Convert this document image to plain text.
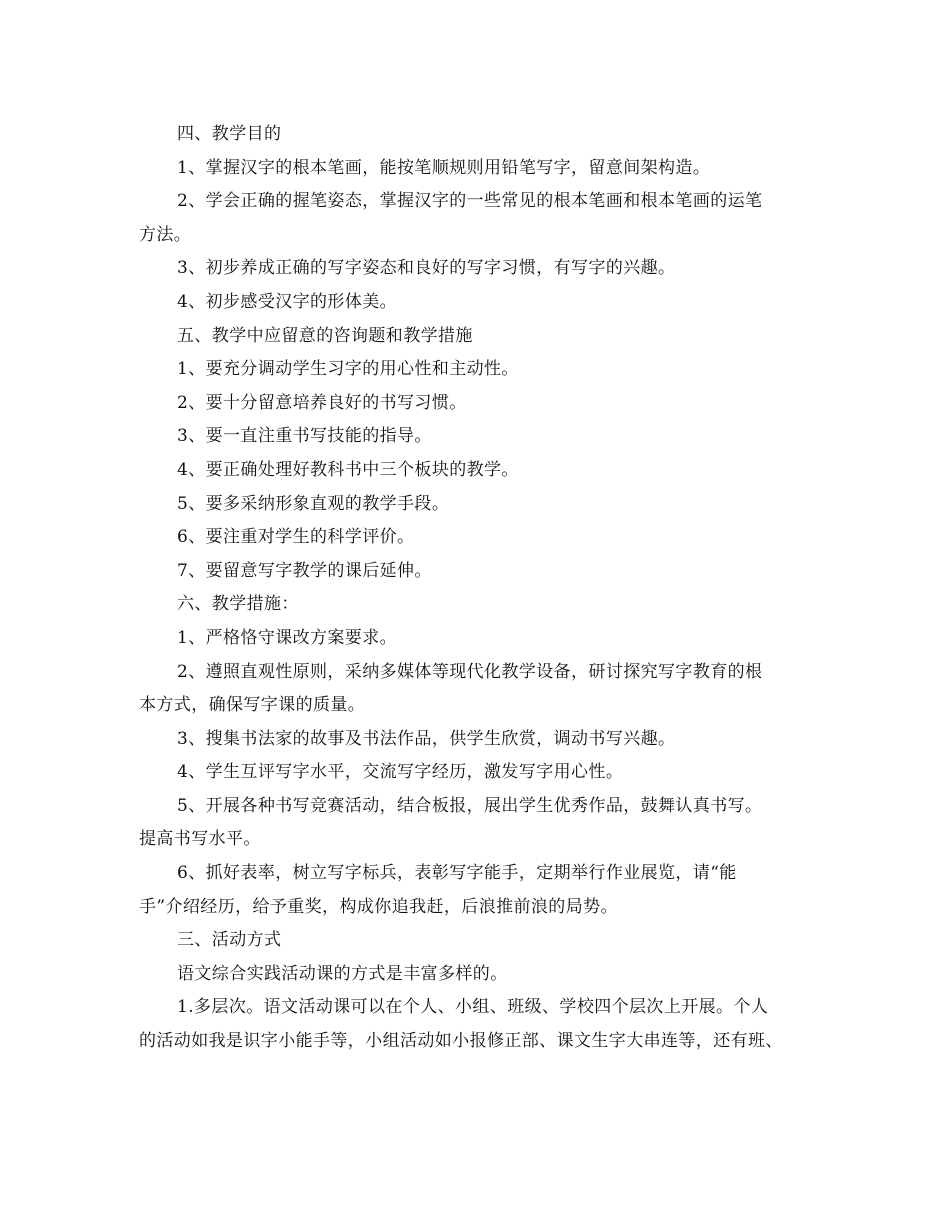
四、教学目的
1、掌握汉字的根本笔画，能按笔顺规则用铅笔写字，留意间架构造。
2、学会正确的握笔姿态，掌握汉字的一些常见的根本笔画和根本笔画的运笔
方法。
3、初步养成正确的写字姿态和良好的写字习惯，有写字的兴趣。
4、初步感受汉字的形体美。
五、教学中应留意的咨询题和教学措施
1、要充分调动学生习字的用心性和主动性。
2、要十分留意培养良好的书写习惯。
3、要一直注重书写技能的指导。
4、要正确处理好教科书中三个板块的教学。
5、要多采纳形象直观的教学手段。
6、要注重对学生的科学评价。
7、要留意写字教学的课后延伸。
六、教学措施：
1、严格恪守课改方案要求。
2、遵照直观性原则，采纳多媒体等现代化教学设备，研讨探究写字教育的根
本方式，确保写字课的质量。
3、搜集书法家的故事及书法作品，供学生欣赏，调动书写兴趣。
4、学生互评写字水平，交流写字经历，激发写字用心性。
5、开展各种书写竞赛活动，结合板报，展出学生优秀作品，鼓舞认真书写。
提高书写水平。
6、抓好表率，树立写字标兵，表彰写字能手，定期举行作业展览，请“能
手”介绍经历，给予重奖，构成你追我赶，后浪推前浪的局势。
三、活动方式
语文综合实践活动课的方式是丰富多样的。
1.多层次。语文活动课可以在个人、小组、班级、学校四个层次上开展。个人
的活动如我是识字小能手等，小组活动如小报修正部、课文生字大串连等，还有班、
